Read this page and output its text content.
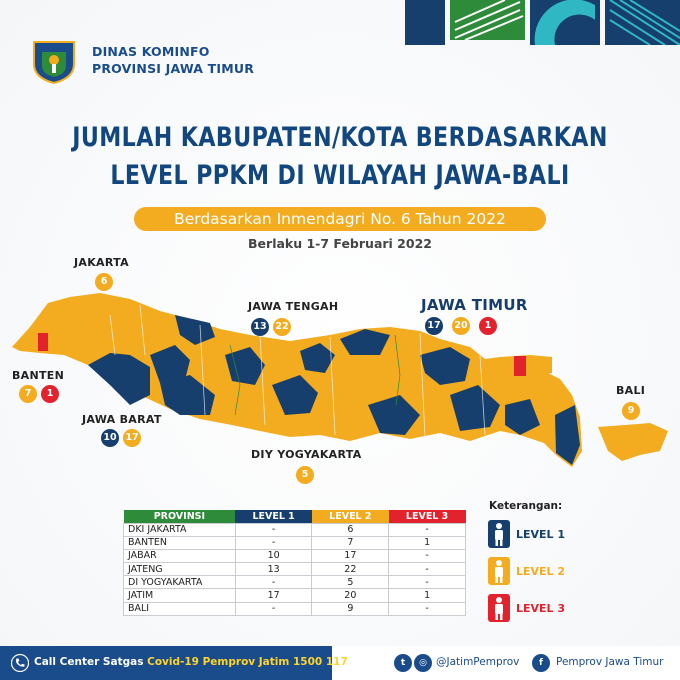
DINAS KOMINFO
PROVINSI JAWA TIMUR
JUMLAH KABUPATEN/KOTA BERDASARKAN
LEVEL PPKM DI WILAYAH JAWA-BALI
Berdasarkan Inmendagri No. 6 Tahun 2022
Berlaku 1-7 Februari 2022
JAKARTA
6
BANTEN
7	1
JAWA BARAT
10 17
JAWA TENGAH
13 22
JAWA TIMUR
17 20	1
DIY YOGYAKARTA
5
BALI
9
PROVINSI	LEVEL 1	LEVEL 2	LEVEL 3
DKI JAKARTA	-	6	-
BANTEN	-	7	1
JABAR	10	17	-
JATENG	13	22	-
DI YOGYAKARTA	-	5	-
JATIM	17	20	1
BALI	-	9	-
Keterangan:
LEVEL 1
LEVEL 2
LEVEL 3
Call Center Satgas Covid-19 Pemprov Jatim 1500 117	t	◎ @JatimPemprov	f	Pemprov Jawa Timur
